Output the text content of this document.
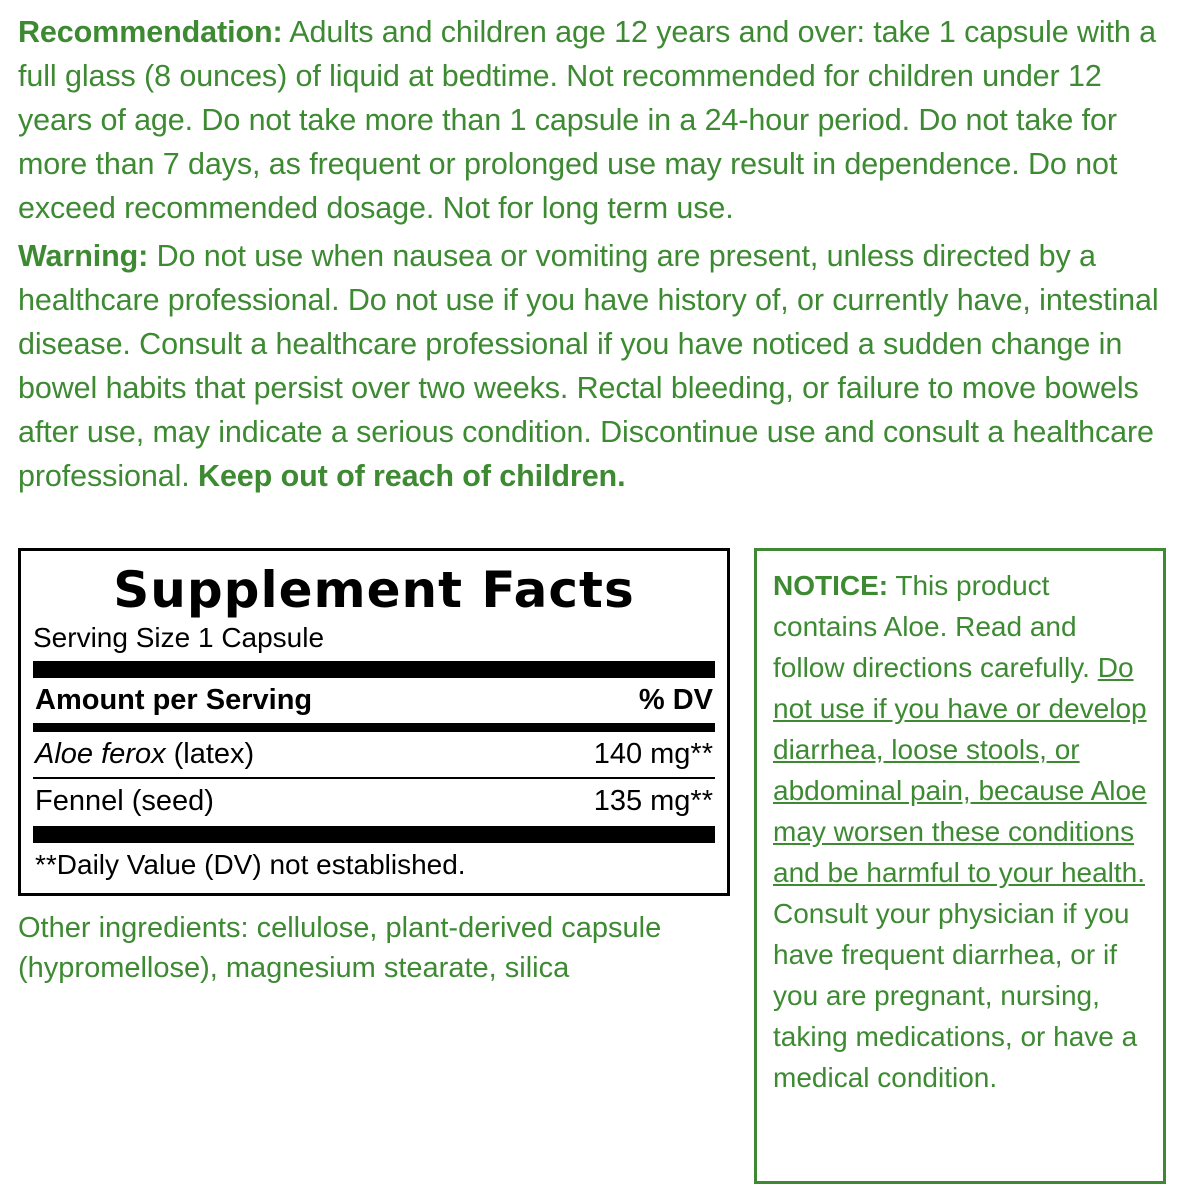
Recommendation: Adults and children age 12 years and over: take 1 capsule with a full glass (8 ounces) of liquid at bedtime. Not recommended for children under 12 years of age. Do not take more than 1 capsule in a 24-hour period. Do not take for more than 7 days, as frequent or prolonged use may result in dependence. Do not exceed recommended dosage. Not for long term use.

Warning: Do not use when nausea or vomiting are present, unless directed by a healthcare professional. Do not use if you have history of, or currently have, intestinal disease. Consult a healthcare professional if you have noticed a sudden change in bowel habits that persist over two weeks. Rectal bleeding, or failure to move bowels after use, may indicate a serious condition. Discontinue use and consult a healthcare professional. Keep out of reach of children.

Supplement Facts
Serving Size 1 Capsule
Amount per Serving	% DV
Aloe ferox (latex)	140 mg**
Fennel (seed)	135 mg**
**Daily Value (DV) not established.
Other ingredients: cellulose, plant-derived capsule (hypromellose), magnesium stearate, silica
NOTICE: This product contains Aloe. Read and follow directions carefully. Do not use if you have or develop diarrhea, loose stools, or abdominal pain, because Aloe may worsen these conditions and be harmful to your health. Consult your physician if you have frequent diarrhea, or if you are pregnant, nursing, taking medications, or have a medical condition.
